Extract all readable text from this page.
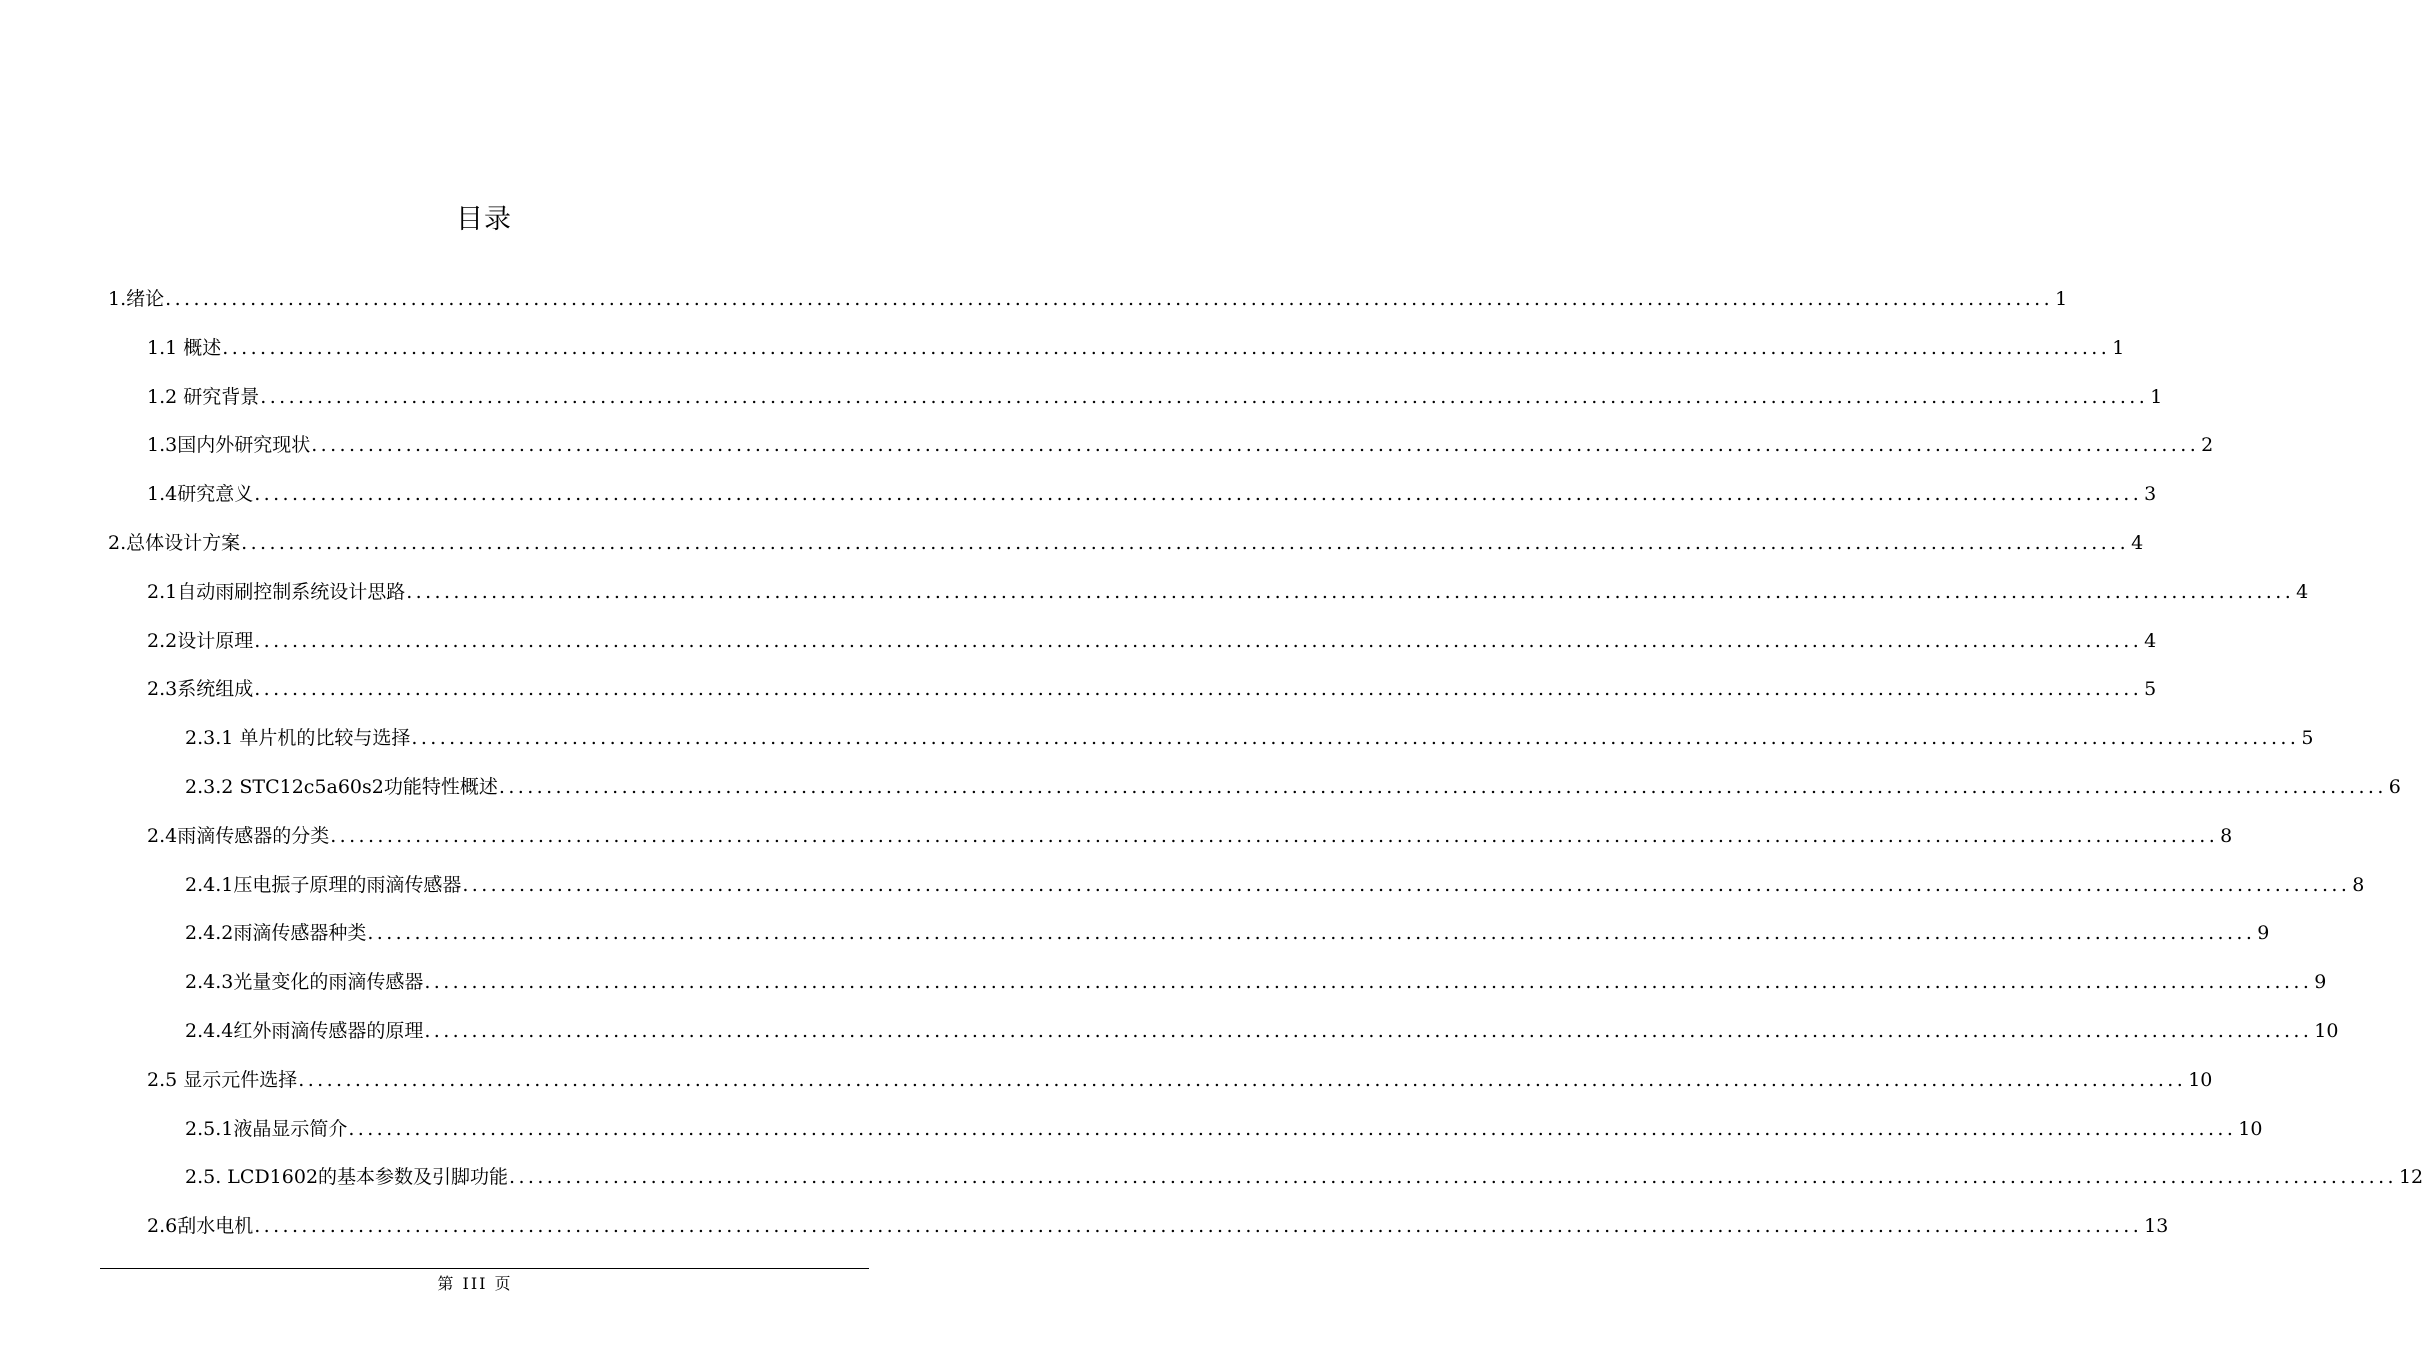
目录
1.绪论 ........................................................................................................................................................................................................ 1
1.1 概述 ........................................................................................................................................................................................................ 1
1.2 研究背景 ........................................................................................................................................................................................................ 1
1.3国内外研究现状 ........................................................................................................................................................................................................ 2
1.4研究意义 ........................................................................................................................................................................................................ 3
2.总体设计方案 ........................................................................................................................................................................................................ 4
2.1自动雨刷控制系统设计思路 ........................................................................................................................................................................................................ 4
2.2设计原理 ........................................................................................................................................................................................................ 4
2.3系统组成 ........................................................................................................................................................................................................ 5
2.3.1 单片机的比较与选择 ........................................................................................................................................................................................................ 5
2.3.2 STC12c5a60s2功能特性概述 ........................................................................................................................................................................................................ 6
2.4雨滴传感器的分类 ........................................................................................................................................................................................................ 8
2.4.1压电振子原理的雨滴传感器 ........................................................................................................................................................................................................ 8
2.4.2雨滴传感器种类 ........................................................................................................................................................................................................ 9
2.4.3光量变化的雨滴传感器 ........................................................................................................................................................................................................ 9
2.4.4红外雨滴传感器的原理 ........................................................................................................................................................................................................ 10
2.5 显示元件选择 ........................................................................................................................................................................................................ 10
2.5.1液晶显示简介 ........................................................................................................................................................................................................ 10
2.5. LCD1602的基本参数及引脚功能 ........................................................................................................................................................................................................ 12
2.6刮水电机 ........................................................................................................................................................................................................ 13
第 III 页
